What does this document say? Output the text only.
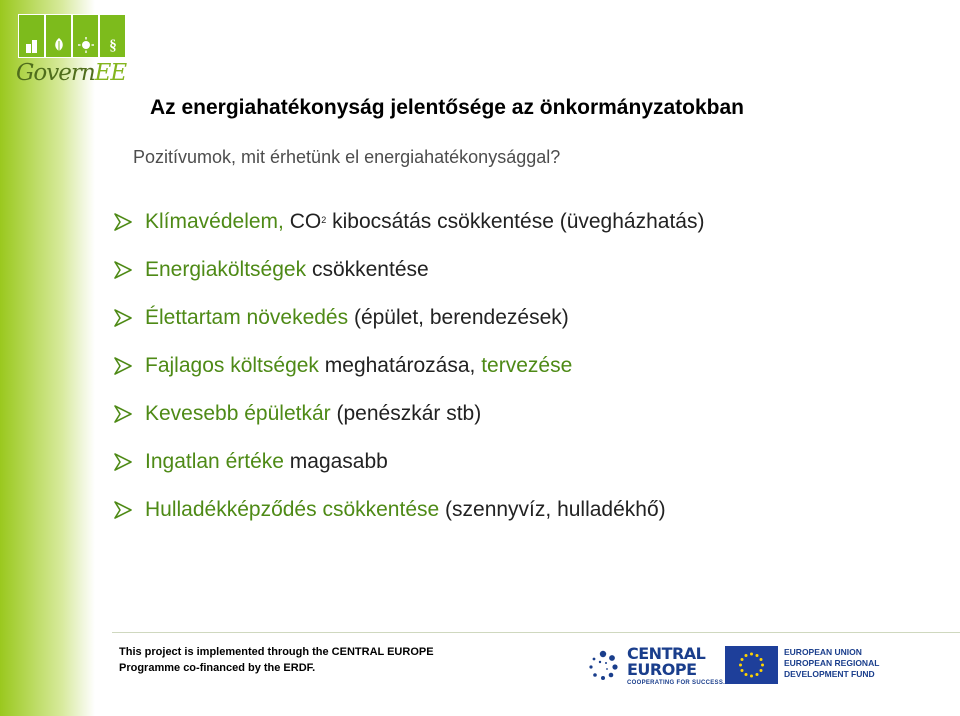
§
GovernEE
Az energiahatékonyság jelentősége az önkormányzatokban
Pozitívumok, mit érhetünk el energiahatékonysággal?
Klímavédelem,
$CO_2$
kibocsátás csökkentése (üvegházhatás)
Energiaköltségek
csökkentése
Élettartam növekedés
(épület, berendezések)
Fajlagos költségek
meghatározása,
tervezése
Kevesebb épületkár
(penészkár stb)
Ingatlan értéke
magasabb
Hulladékképződés csökkentése
(szennyvíz, hulladékhő)
This project is implemented through the CENTRAL EUROPE
Programme co-financed by the ERDF.
CENTRAL
EUROPE
COOPERATING FOR SUCCESS.
EUROPEAN UNION
EUROPEAN REGIONAL
DEVELOPMENT FUND
